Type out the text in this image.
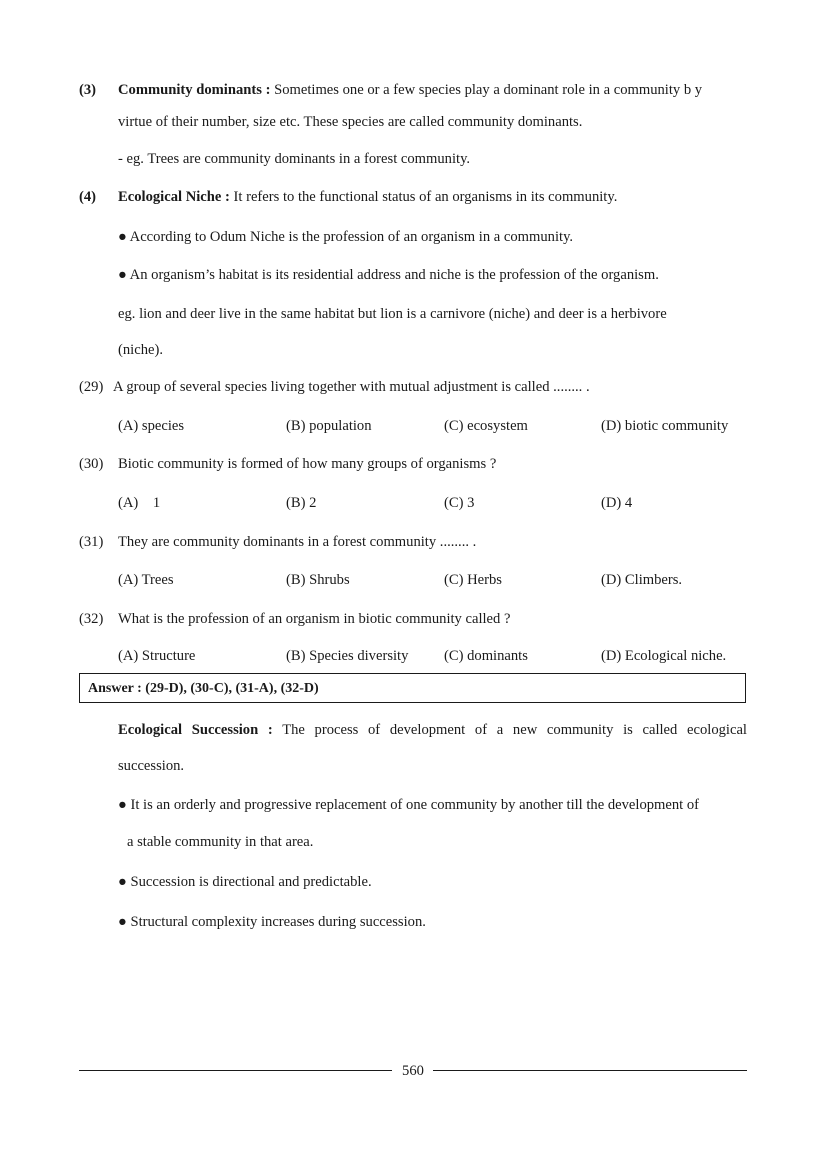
(3) Community dominants : Sometimes one or a few species play a dominant role in a community b y
virtue of their number, size etc. These species are called community dominants.
- eg. Trees are community dominants in a forest community.
(4) Ecological Niche : It refers to the functional status of an organisms in its community.
● According to Odum Niche is the profession of an organism in a community.
● An organism’s habitat is its residential address and niche is the profession of the organism.
eg. lion and deer live in the same habitat but lion is a carnivore (niche) and deer is a herbivore
(niche).
(29) A group of several species living together with mutual adjustment is called ........ .
(A) species	(B) population	(C) ecosystem	(D) biotic community
(30) Biotic community is formed of how many groups of organisms ?
(A)    1	(B) 2	(C) 3	(D) 4
(31) They are community dominants in a forest community ........ .
(A) Trees	(B) Shrubs	(C) Herbs	(D) Climbers.
(32) What is the profession of an organism in biotic community called ?
(A) Structure	(B) Species diversity (C) dominants	(D) Ecological niche.
Answer : (29-D), (30-C), (31-A), (32-D)
Ecological Succession : The process of development of a new community is called ecological
succession.
● It is an orderly and progressive replacement of one community by another till the development of
a stable community in that area.
● Succession is directional and predictable.
● Structural complexity increases during succession.
560
